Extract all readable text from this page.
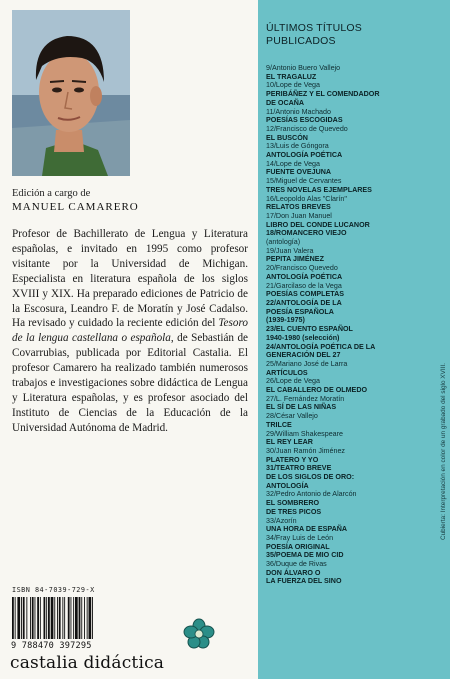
Edición a cargo de
MANUEL CAMARERO

Profesor de Bachillerato de Lengua y Literatura españolas, e invitado en 1995 como profesor visitante por la Universidad de Michigan. Especialista en literatura española de los siglos XVIII y XIX. Ha preparado ediciones de Patricio de la Escosura, Leandro F. de Moratín y José Cadalso. Ha revisado y cuidado la reciente edición del Tesoro de la lengua castellana o española, de Sebastián de Covarrubias, publicada por Editorial Castalia. El profesor Camarero ha realizado también numerosos trabajos e investigaciones sobre didáctica de Lengua y Literatura españolas, y es profesor asociado del Instituto de Ciencias de la Educación de la Universidad Autónoma de Madrid.

ISBN 84-7039-729-X
9 788470 397295
castalia didáctica
ÚLTIMOS TÍTULOS
PUBLICADOS
9/Antonio Buero Vallejo
EL TRAGALUZ
10/Lope de Vega
PERIBÁÑEZ Y EL COMENDADOR
DE OCAÑA
11/Antonio Machado
POESÍAS ESCOGIDAS
12/Francisco de Quevedo
EL BUSCÓN
13/Luis de Góngora
ANTOLOGÍA POÉTICA
14/Lope de Vega
FUENTE OVEJUNA
15/Miguel de Cervantes
TRES NOVELAS EJEMPLARES
16/Leopoldo Alas "Clarín"
RELATOS BREVES
17/Don Juan Manuel
LIBRO DEL CONDE LUCANOR
18/ROMANCERO VIEJO
(antología)
19/Juan Valera
PEPITA JIMÉNEZ
20/Francisco Quevedo
ANTOLOGÍA POÉTICA
21/Garcilaso de la Vega
POESÍAS COMPLETAS
22/ANTOLOGÍA DE LA
POESÍA ESPAÑOLA
(1939-1975)
23/EL CUENTO ESPAÑOL
1940-1980 (selección)
24/ANTOLOGÍA POÉTICA DE LA
GENERACIÓN DEL 27
25/Mariano José de Larra
ARTÍCULOS
26/Lope de Vega
EL CABALLERO DE OLMEDO
27/L. Fernández Moratín
EL SÍ DE LAS NIÑAS
28/César Vallejo
TRILCE
29/William Shakespeare
EL REY LEAR
30/Juan Ramón Jiménez
PLATERO Y YO
31/TEATRO BREVE
DE LOS SIGLOS DE ORO:
ANTOLOGÍA
32/Pedro Antonio de Alarcón
EL SOMBRERO
DE TRES PICOS
33/Azorín
UNA HORA DE ESPAÑA
34/Fray Luis de León
POESÍA ORIGINAL
35/POEMA DE MIO CID
36/Duque de Rivas
DON ÁLVARO O
LA FUERZA DEL SINO
Cubierta: Interpretación en color de un grabado del siglo XVIII.
